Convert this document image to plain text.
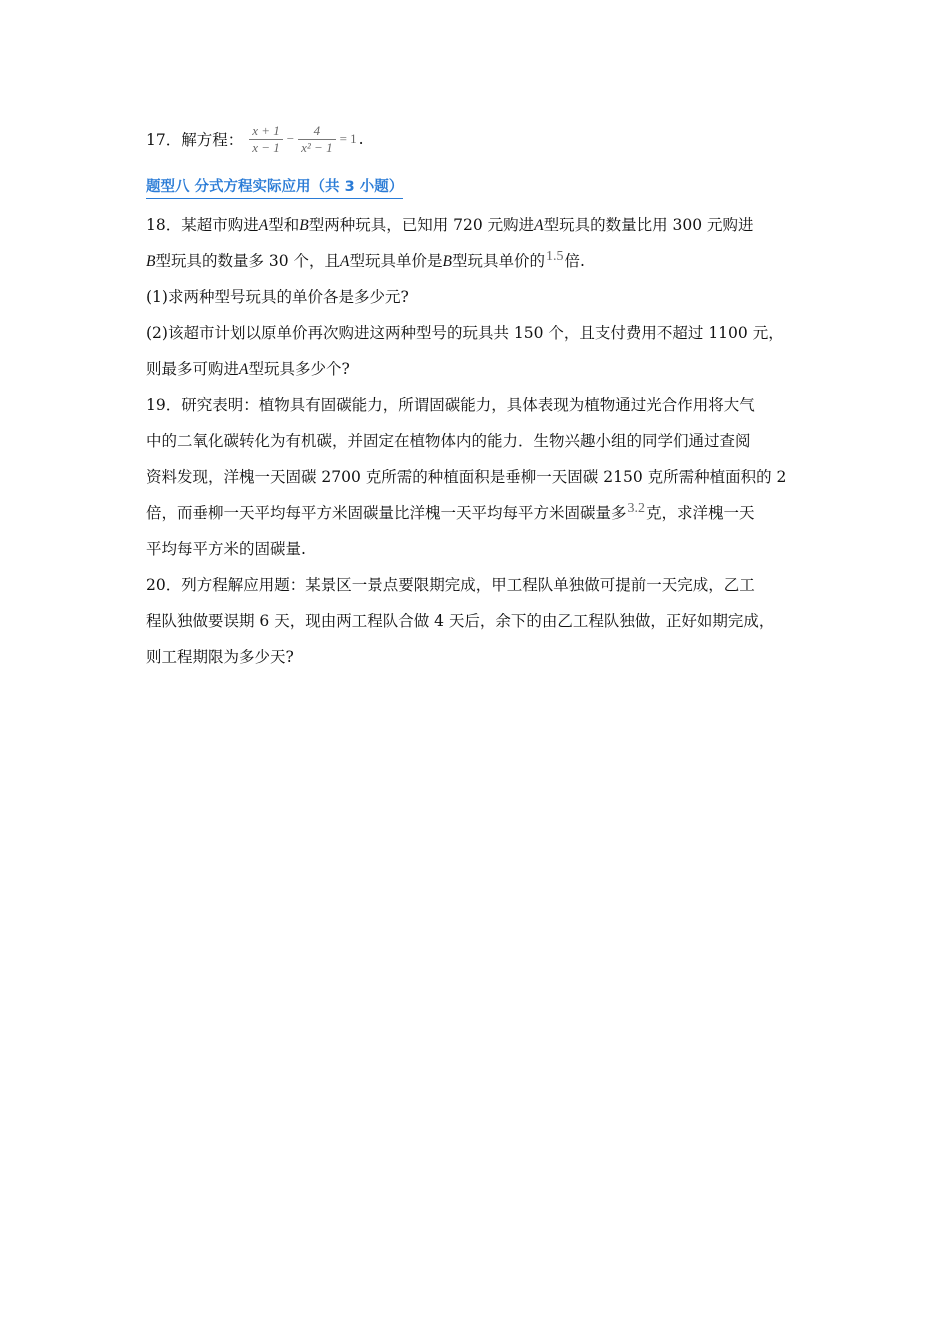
17．解方程： $\frac{x + 1}{x - 1} - \frac{4}{\text{x² − 1}} = 1$ .
题型八 分式方程实际应用（共 3 小题）
18．某超市购进A型和B型两种玩具，已知用 720 元购进A型玩具的数量比用 300 元购进
B型玩具的数量多 30 个，且A型玩具单价是B型玩具单价的1.5倍.
(1)求两种型号玩具的单价各是多少元?
(2)该超市计划以原单价再次购进这两种型号的玩具共 150 个，且支付费用不超过 1100 元，
则最多可购进A型玩具多少个?
19．研究表明：植物具有固碳能力，所谓固碳能力，具体表现为植物通过光合作用将大气
中的二氧化碳转化为有机碳，并固定在植物体内的能力．生物兴趣小组的同学们通过查阅
资料发现，洋槐一天固碳 2700 克所需的种植面积是垂柳一天固碳 2150 克所需种植面积的 2
倍，而垂柳一天平均每平方米固碳量比洋槐一天平均每平方米固碳量多3.2克，求洋槐一天
平均每平方米的固碳量.
20．列方程解应用题：某景区一景点要限期完成，甲工程队单独做可提前一天完成，乙工
程队独做要误期 6 天，现由两工程队合做 4 天后，余下的由乙工程队独做，正好如期完成，
则工程期限为多少天?
